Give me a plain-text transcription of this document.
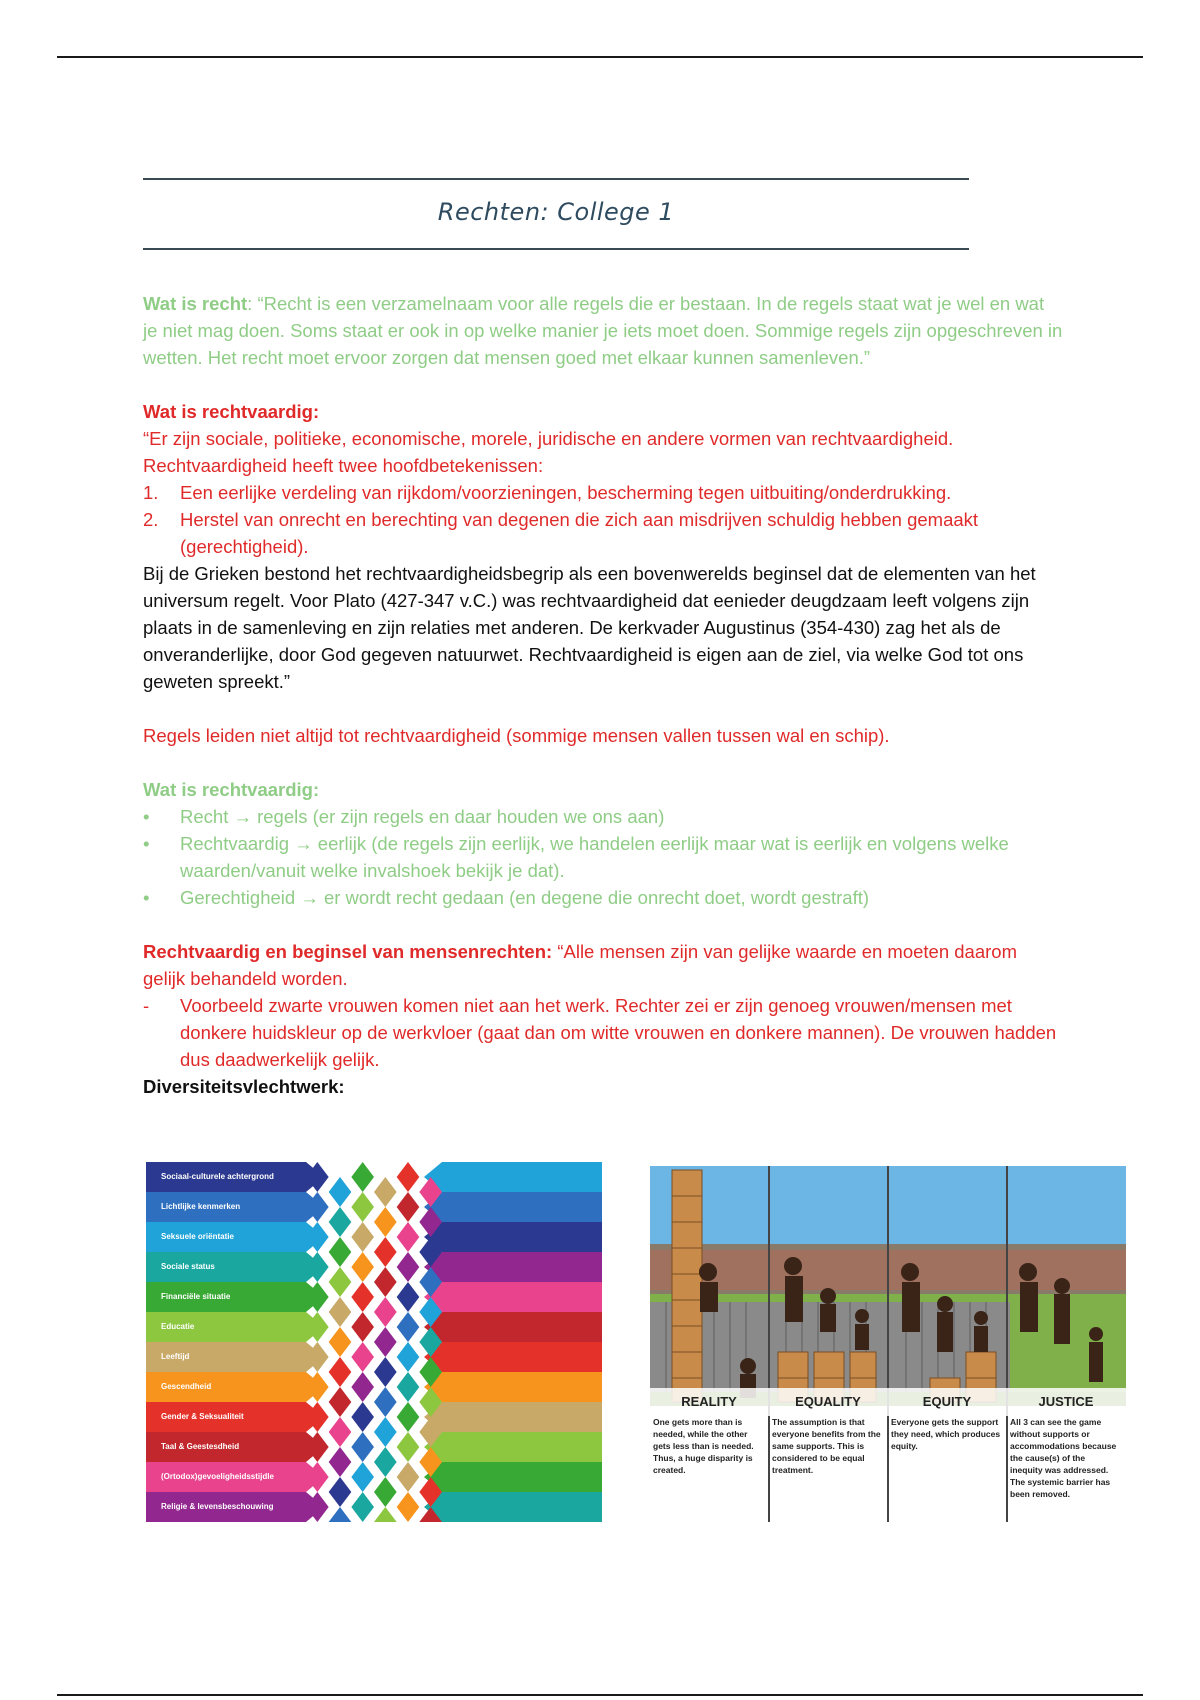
Rechten: College 1

Wat is recht: “Recht is een verzamelnaam voor alle regels die er bestaan. In de regels staat wat je wel en wat je niet mag doen. Soms staat er ook in op welke manier je iets moet doen. Sommige regels zijn opgeschreven in wetten. Het recht moet ervoor zorgen dat mensen goed met elkaar kunnen samenleven.”

Wat is rechtvaardig:

“Er zijn sociale, politieke, economische, morele, juridische en andere vormen van rechtvaardigheid. Rechtvaardigheid heeft twee hoofdbetekenissen:

1. Een eerlijke verdeling van rijkdom/voorzieningen, bescherming tegen uitbuiting/onderdrukking.
2. Herstel van onrecht en berechting van degenen die zich aan misdrijven schuldig hebben gemaakt (gerechtigheid).

Bij de Grieken bestond het rechtvaardigheidsbegrip als een bovenwerelds beginsel dat de elementen van het universum regelt. Voor Plato (427-347 v.C.) was rechtvaardigheid dat eenieder deugdzaam leeft volgens zijn plaats in de samenleving en zijn relaties met anderen. De kerkvader Augustinus (354-430) zag het als de onveranderlijke, door God gegeven natuurwet. Rechtvaardigheid is eigen aan de ziel, via welke God tot ons geweten spreekt.”

Regels leiden niet altijd tot rechtvaardigheid (sommige mensen vallen tussen wal en schip).

Wat is rechtvaardig:

• Recht → regels (er zijn regels en daar houden we ons aan)
• Rechtvaardig → eerlijk (de regels zijn eerlijk, we handelen eerlijk maar wat is eerlijk en volgens welke waarden/vanuit welke invalshoek bekijk je dat).
• Gerechtigheid → er wordt recht gedaan (en degene die onrecht doet, wordt gestraft)

Rechtvaardig en beginsel van mensenrechten: “Alle mensen zijn van gelijke waarde en moeten daarom gelijk behandeld worden.

- Voorbeeld zwarte vrouwen komen niet aan het werk. Rechter zei er zijn genoeg vrouwen/mensen met donkere huidskleur op de werkvloer (gaat dan om witte vrouwen en donkere mannen). De vrouwen hadden dus daadwerkelijk gelijk.

Diversiteitsvlechtwerk:

Sociaal-culturele achtergrond
Lichtlijke kenmerken
Seksuele oriëntatie
Sociale status
Financiële situatie
Educatie
Leeftijd
Gescendheid
Gender & Seksualiteit
Taal & Geestesdheid
(Ortodox)gevoeligheidsstijdle
Religie & levensbeschouwing
REALITY	EQUALITY	EQUITY	JUSTICE
One gets more than is needed, while the other gets less than is needed. Thus, a huge disparity is created.
The assumption is that everyone benefits from the same supports. This is considered to be equal treatment.
Everyone gets the support they need, which produces equity.
All 3 can see the game without supports or accommodations because the cause(s) of the inequity was addressed. The systemic barrier has been removed.
